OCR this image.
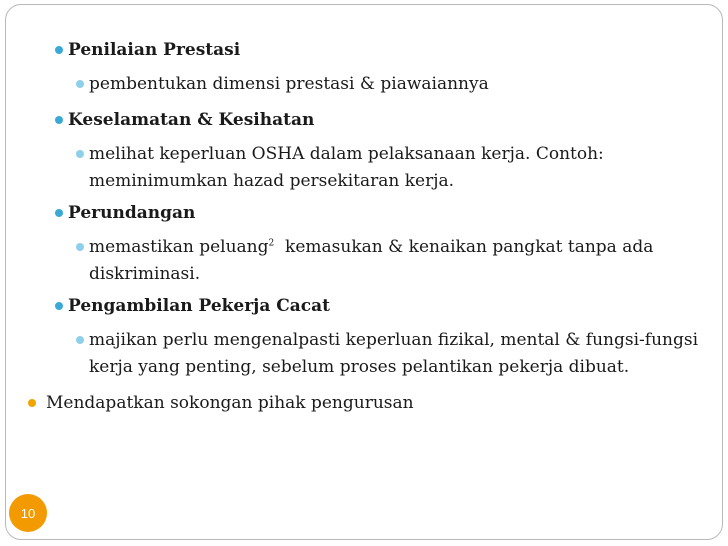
Penilaian Prestasi
pembentukan dimensi prestasi & piawaiannya
Keselamatan & Kesihatan
melihat keperluan OSHA dalam pelaksanaan kerja. Contoh:
meminimumkan hazad persekitaran kerja.
Perundangan
memastikan peluang$^2$  kemasukan & kenaikan pangkat tanpa ada
diskriminasi.
Pengambilan Pekerja Cacat
majikan perlu mengenalpasti keperluan fizikal, mental & fungsi-fungsi
kerja yang penting, sebelum proses pelantikan pekerja dibuat.
Mendapatkan sokongan pihak pengurusan
10
